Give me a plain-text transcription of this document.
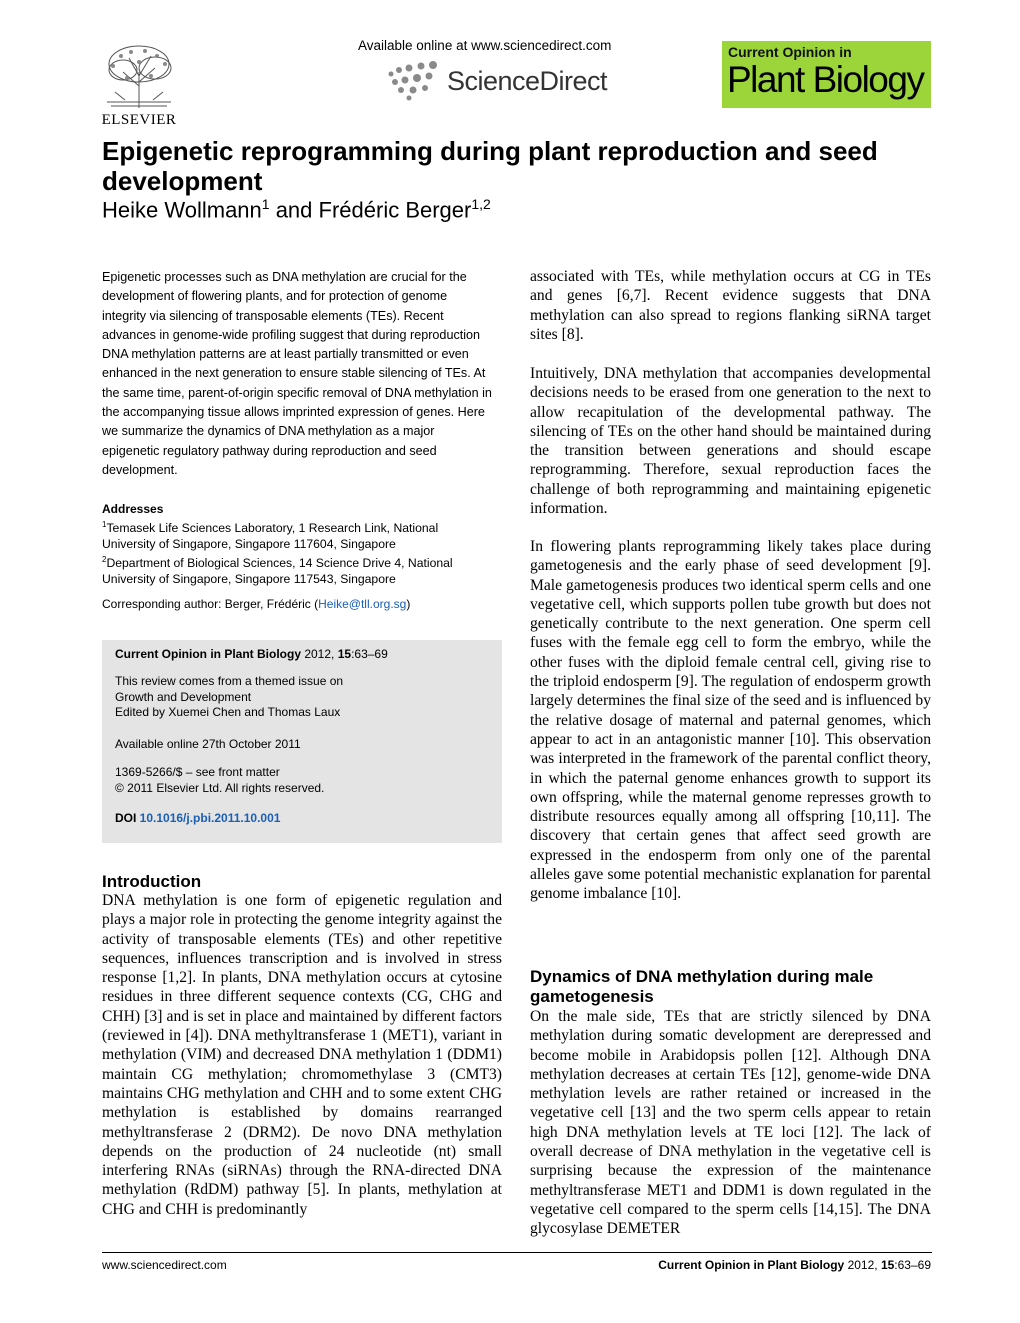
ELSEVIER
Available online at www.sciencedirect.com
ScienceDirect
Current Opinion in
Plant Biology
Epigenetic reprogramming during plant reproduction and seed development
Heike Wollmann$^1$ and Frédéric Berger$^{1,2}$
Epigenetic processes such as DNA methylation are crucial for the development of flowering plants, and for protection of genome integrity via silencing of transposable elements (TEs). Recent advances in genome-wide profiling suggest that during reproduction DNA methylation patterns are at least partially transmitted or even enhanced in the next generation to ensure stable silencing of TEs. At the same time, parent-of-origin specific removal of DNA methylation in the accompanying tissue allows imprinted expression of genes. Here we summarize the dynamics of DNA methylation as a major epigenetic regulatory pathway during reproduction and seed development.
Addresses
$^1$Temasek Life Sciences Laboratory, 1 Research Link, National University of Singapore, Singapore 117604, Singapore
$^2$Department of Biological Sciences, 14 Science Drive 4, National University of Singapore, Singapore 117543, Singapore
Corresponding author: Berger, Frédéric (Heike@tll.org.sg)
Current Opinion in Plant Biology 2012, 15:63–69
This review comes from a themed issue on
Growth and Development
Edited by Xuemei Chen and Thomas Laux
Available online 27th October 2011
1369-5266/$ – see front matter
© 2011 Elsevier Ltd. All rights reserved.
DOI 10.1016/j.pbi.2011.10.001
Introduction
DNA methylation is one form of epigenetic regulation and plays a major role in protecting the genome integrity against the activity of transposable elements (TEs) and other repetitive sequences, influences transcription and is involved in stress response [1,2]. In plants, DNA methylation occurs at cytosine residues in three different sequence contexts (CG, CHG and CHH) [3] and is set in place and maintained by different factors (reviewed in [4]). DNA methyltransferase 1 (MET1), variant in methylation (VIM) and decreased DNA methylation 1 (DDM1) maintain CG methylation; chromomethylase 3 (CMT3) maintains CHG methylation and CHH and to some extent CHG methylation is established by domains rearranged methyltransferase 2 (DRM2). De novo DNA methylation depends on the production of 24 nucleotide (nt) small interfering RNAs (siRNAs) through the RNA-directed DNA methylation (RdDM) pathway [5]. In plants, methylation at CHG and CHH is predominantly
associated with TEs, while methylation occurs at CG in TEs and genes [6,7]. Recent evidence suggests that DNA methylation can also spread to regions flanking siRNA target sites [8].
Intuitively, DNA methylation that accompanies developmental decisions needs to be erased from one generation to the next to allow recapitulation of the developmental pathway. The silencing of TEs on the other hand should be maintained during the transition between generations and should escape reprogramming. Therefore, sexual reproduction faces the challenge of both reprogramming and maintaining epigenetic information.
In flowering plants reprogramming likely takes place during gametogenesis and the early phase of seed development [9]. Male gametogenesis produces two identical sperm cells and one vegetative cell, which supports pollen tube growth but does not genetically contribute to the next generation. One sperm cell fuses with the female egg cell to form the embryo, while the other fuses with the diploid female central cell, giving rise to the triploid endosperm [9]. The regulation of endosperm growth largely determines the final size of the seed and is influenced by the relative dosage of maternal and paternal genomes, which appear to act in an antagonistic manner [10]. This observation was interpreted in the framework of the parental conflict theory, in which the paternal genome enhances growth to support its own offspring, while the maternal genome represses growth to distribute resources equally among all offspring [10,11]. The discovery that certain genes that affect seed growth are expressed in the endosperm from only one of the parental alleles gave some potential mechanistic explanation for parental genome imbalance [10].
Dynamics of DNA methylation during male gametogenesis
On the male side, TEs that are strictly silenced by DNA methylation during somatic development are derepressed and become mobile in Arabidopsis pollen [12]. Although DNA methylation decreases at certain TEs [12], genome-wide DNA methylation levels are rather retained or increased in the vegetative cell [13] and the two sperm cells appear to retain high DNA methylation levels at TE loci [12]. The lack of overall decrease of DNA methylation in the vegetative cell is surprising because the expression of the maintenance methyltransferase MET1 and DDM1 is down regulated in the vegetative cell compared to the sperm cells [14,15]. The DNA glycosylase DEMETER
www.sciencedirect.com	Current Opinion in Plant Biology 2012, 15:63–69
